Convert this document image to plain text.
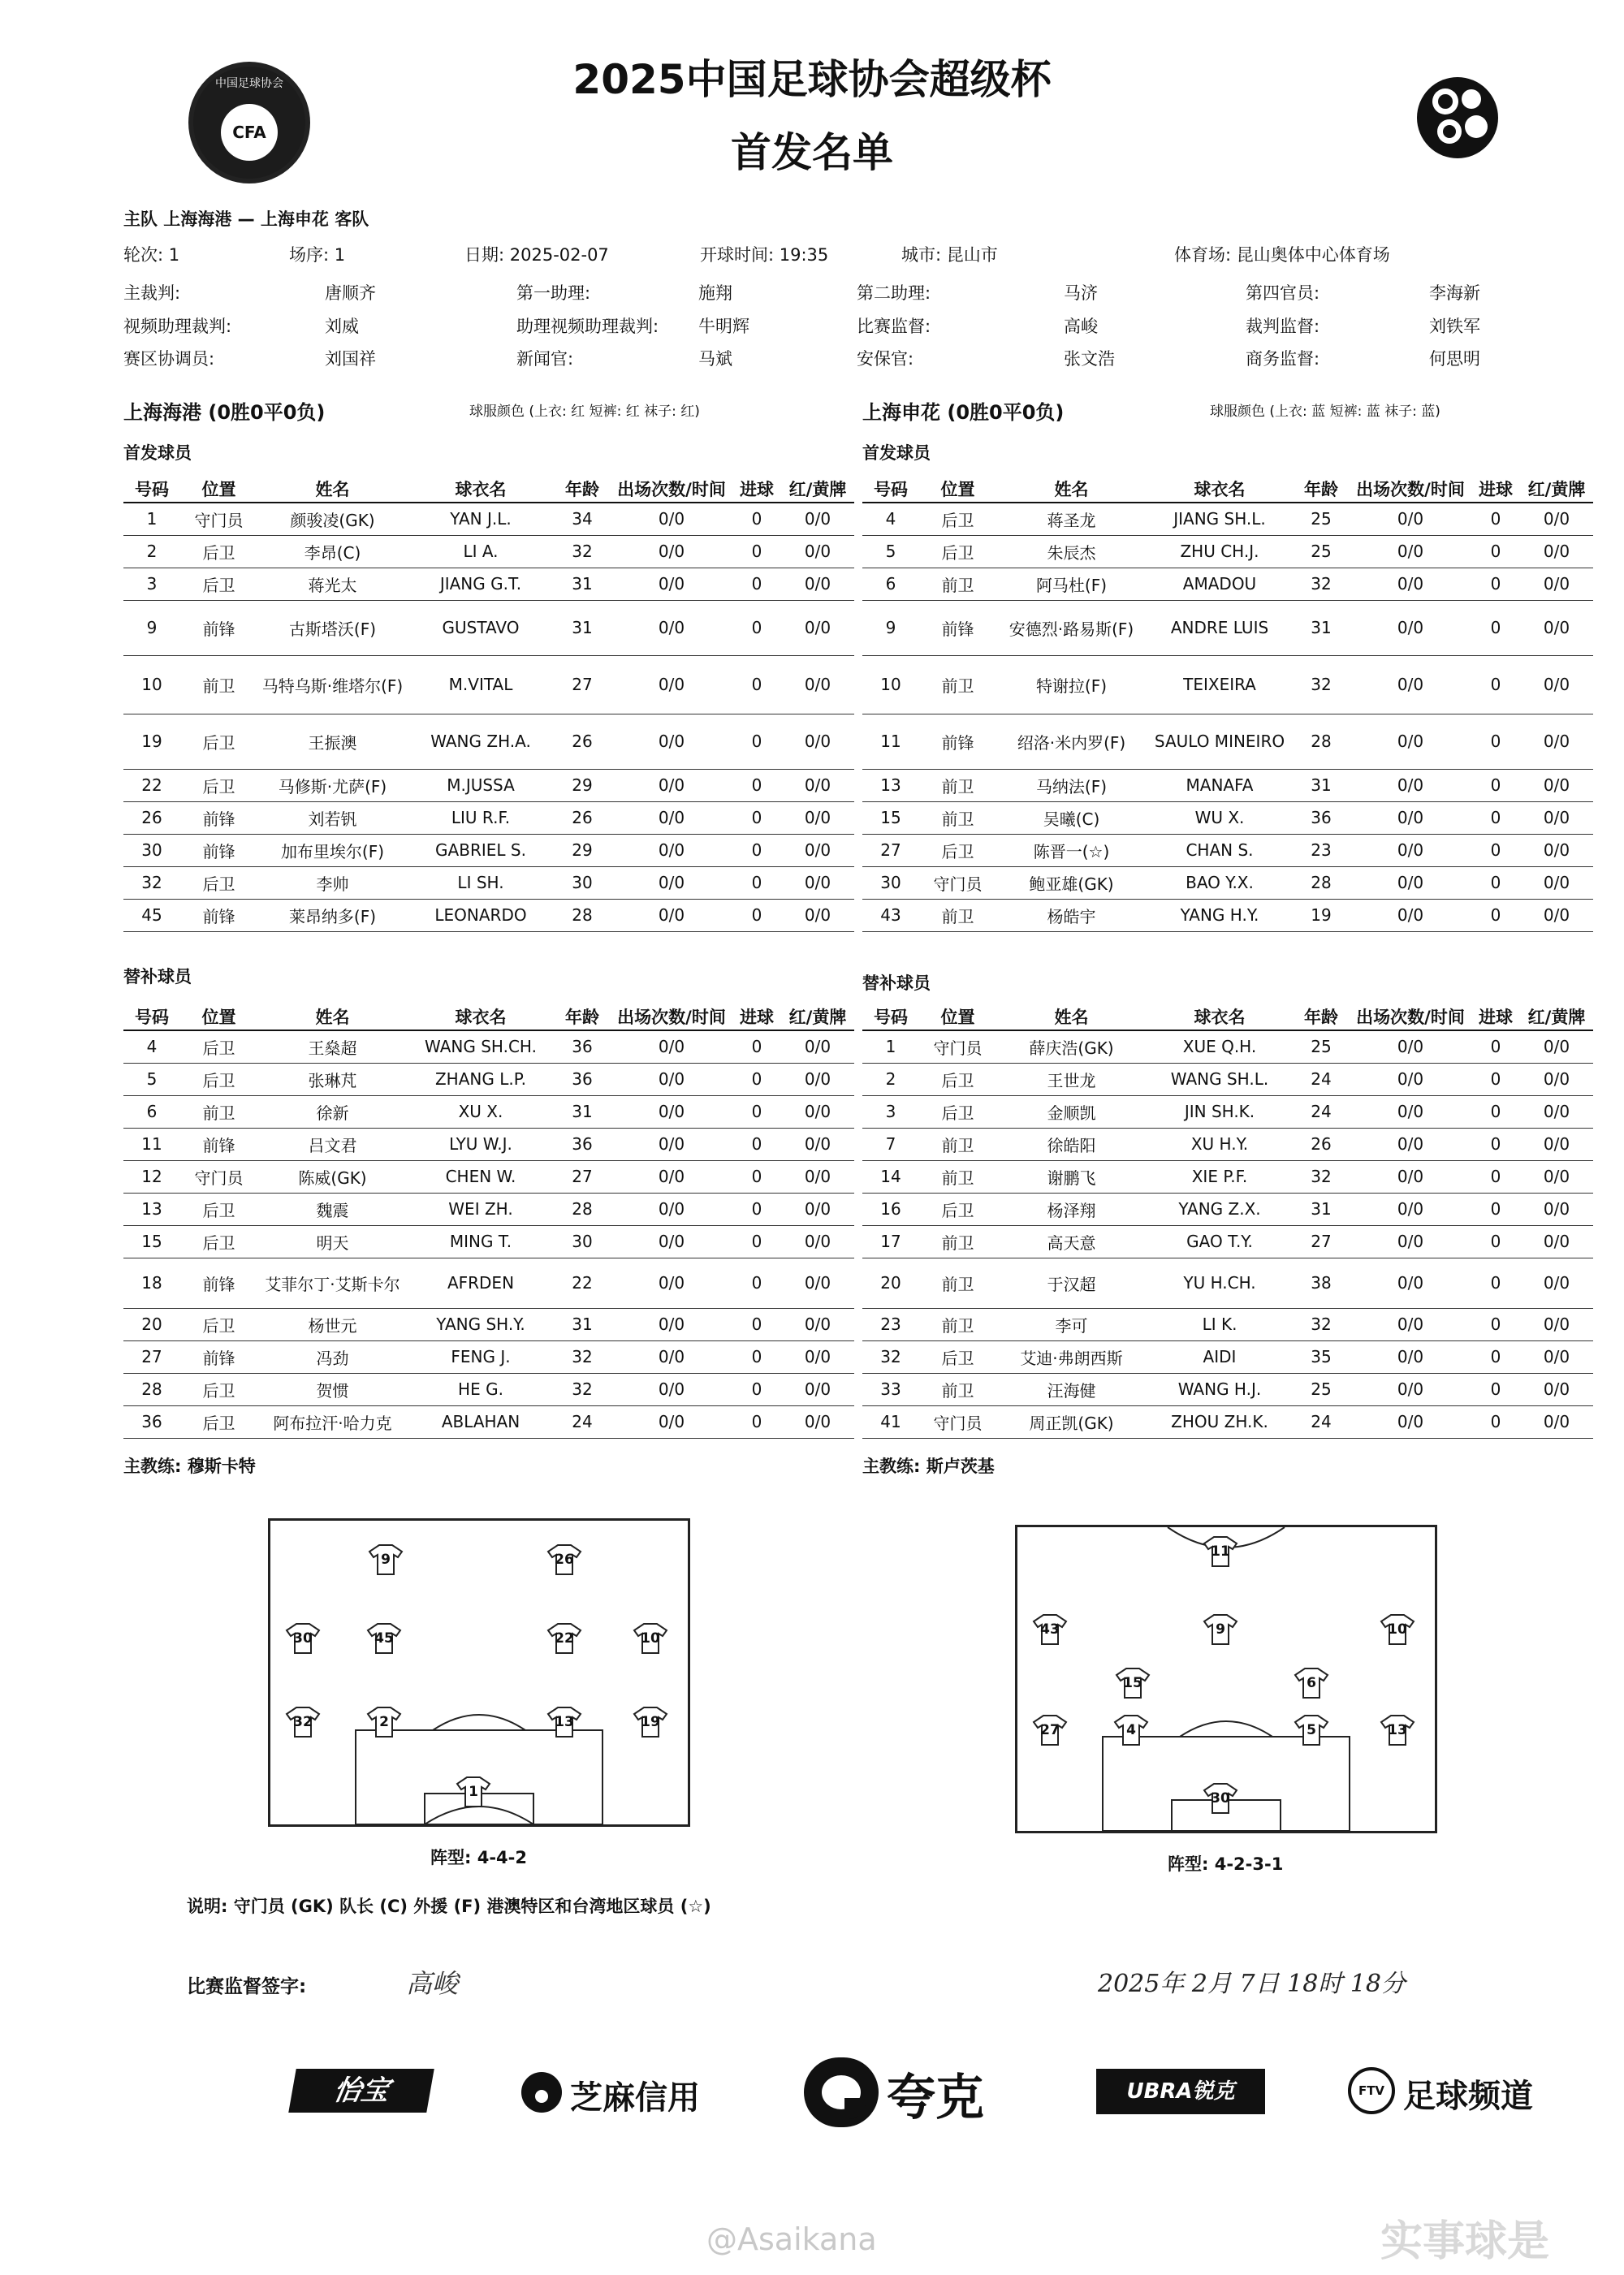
2025中国足球协会超级杯
首发名单
中国足球协会
CFA
主队 上海海港 — 上海申花 客队
轮次: 1	场序: 1	日期: 2025-02-07	开球时间: 19:35	城市: 昆山市	体育场: 昆山奥体中心体育场
主裁判:	唐顺齐	第一助理:	施翔	第二助理:	马济	第四官员:	李海新
视频助理裁判:	刘威	助理视频助理裁判: 牛明辉	比赛监督:	高峻	裁判监督:	刘铁军
赛区协调员:	刘国祥	新闻官:	马斌	安保官:	张文浩	商务监督:	何思明
上海海港 (0胜0平0负)	球服颜色 (上衣: 红 短裤: 红 袜子: 红)	上海申花 (0胜0平0负)	球服颜色 (上衣: 蓝 短裤: 蓝 袜子: 蓝)
首发球员	首发球员
号码	位置	姓名	球衣名	年龄	出场次数/时间	进球	红/黄牌
1	守门员	颜骏凌(GK)	YAN J.L.	34	0/0	0	0/0
2	后卫	李昂(C)	LI A.	32	0/0	0	0/0
3	后卫	蒋光太	JIANG G.T.	31	0/0	0	0/0
9	前锋	古斯塔沃(F)	GUSTAVO	31	0/0	0	0/0
10	前卫	马特乌斯·维塔尔(F)	M.VITAL	27	0/0	0	0/0
19	后卫	王振澳	WANG ZH.A.	26	0/0	0	0/0
22	后卫	马修斯·尤萨(F)	M.JUSSA	29	0/0	0	0/0
26	前锋	刘若钒	LIU R.F.	26	0/0	0	0/0
30	前锋	加布里埃尔(F)	GABRIEL S.	29	0/0	0	0/0
32	后卫	李帅	LI SH.	30	0/0	0	0/0
45	前锋	莱昂纳多(F)	LEONARDO	28	0/0	0	0/0
号码	位置	姓名	球衣名	年龄	出场次数/时间	进球	红/黄牌
4	后卫	蒋圣龙	JIANG SH.L.	25	0/0	0	0/0
5	后卫	朱辰杰	ZHU CH.J.	25	0/0	0	0/0
6	前卫	阿马杜(F)	AMADOU	32	0/0	0	0/0
9	前锋	安德烈·路易斯(F)	ANDRE LUIS	31	0/0	0	0/0
10	前卫	特谢拉(F)	TEIXEIRA	32	0/0	0	0/0
11	前锋	绍洛·米内罗(F)	SAULO MINEIRO	28	0/0	0	0/0
13	前卫	马纳法(F)	MANAFA	31	0/0	0	0/0
15	前卫	吴曦(C)	WU X.	36	0/0	0	0/0
27	后卫	陈晋一(☆)	CHAN S.	23	0/0	0	0/0
30	守门员	鲍亚雄(GK)	BAO Y.X.	28	0/0	0	0/0
43	前卫	杨皓宇	YANG H.Y.	19	0/0	0	0/0
替补球员	替补球员
号码	位置	姓名	球衣名	年龄	出场次数/时间	进球	红/黄牌
4	后卫	王燊超	WANG SH.CH.	36	0/0	0	0/0
5	后卫	张琳芃	ZHANG L.P.	36	0/0	0	0/0
6	前卫	徐新	XU X.	31	0/0	0	0/0
11	前锋	吕文君	LYU W.J.	36	0/0	0	0/0
12	守门员	陈威(GK)	CHEN W.	27	0/0	0	0/0
13	后卫	魏震	WEI ZH.	28	0/0	0	0/0
15	后卫	明天	MING T.	30	0/0	0	0/0
18	前锋	艾菲尔丁·艾斯卡尔	AFRDEN	22	0/0	0	0/0
20	后卫	杨世元	YANG SH.Y.	31	0/0	0	0/0
27	前锋	冯劲	FENG J.	32	0/0	0	0/0
28	后卫	贺惯	HE G.	32	0/0	0	0/0
36	后卫	阿布拉汗·哈力克	ABLAHAN	24	0/0	0	0/0
号码	位置	姓名	球衣名	年龄	出场次数/时间	进球	红/黄牌
1	守门员	薛庆浩(GK)	XUE Q.H.	25	0/0	0	0/0
2	后卫	王世龙	WANG SH.L.	24	0/0	0	0/0
3	后卫	金顺凯	JIN SH.K.	24	0/0	0	0/0
7	前卫	徐皓阳	XU H.Y.	26	0/0	0	0/0
14	前卫	谢鹏飞	XIE P.F.	32	0/0	0	0/0
16	后卫	杨泽翔	YANG Z.X.	31	0/0	0	0/0
17	前卫	高天意	GAO T.Y.	27	0/0	0	0/0
20	前卫	于汉超	YU H.CH.	38	0/0	0	0/0
23	前卫	李可	LI K.	32	0/0	0	0/0
32	后卫	艾迪·弗朗西斯	AIDI	35	0/0	0	0/0
33	前卫	汪海健	WANG H.J.	25	0/0	0	0/0
41	守门员	周正凯(GK)	ZHOU ZH.K.	24	0/0	0	0/0
主教练: 穆斯卡特	主教练: 斯卢茨基
9	26
30	45	22	10
32	2	13	19
1
11
43	9	10
15	6
27	4	5	13
30
阵型: 4-4-2	阵型: 4-2-3-1
说明: 守门员 (GK) 队长 (C) 外援 (F) 港澳特区和台湾地区球员 (☆)
比赛监督签字:	高峻	2025年 2月 7日 18时 18分
怡宝	芝麻信用	夸克	UBRA锐克	FTV 足球频道
@Asaikana	实事球是
